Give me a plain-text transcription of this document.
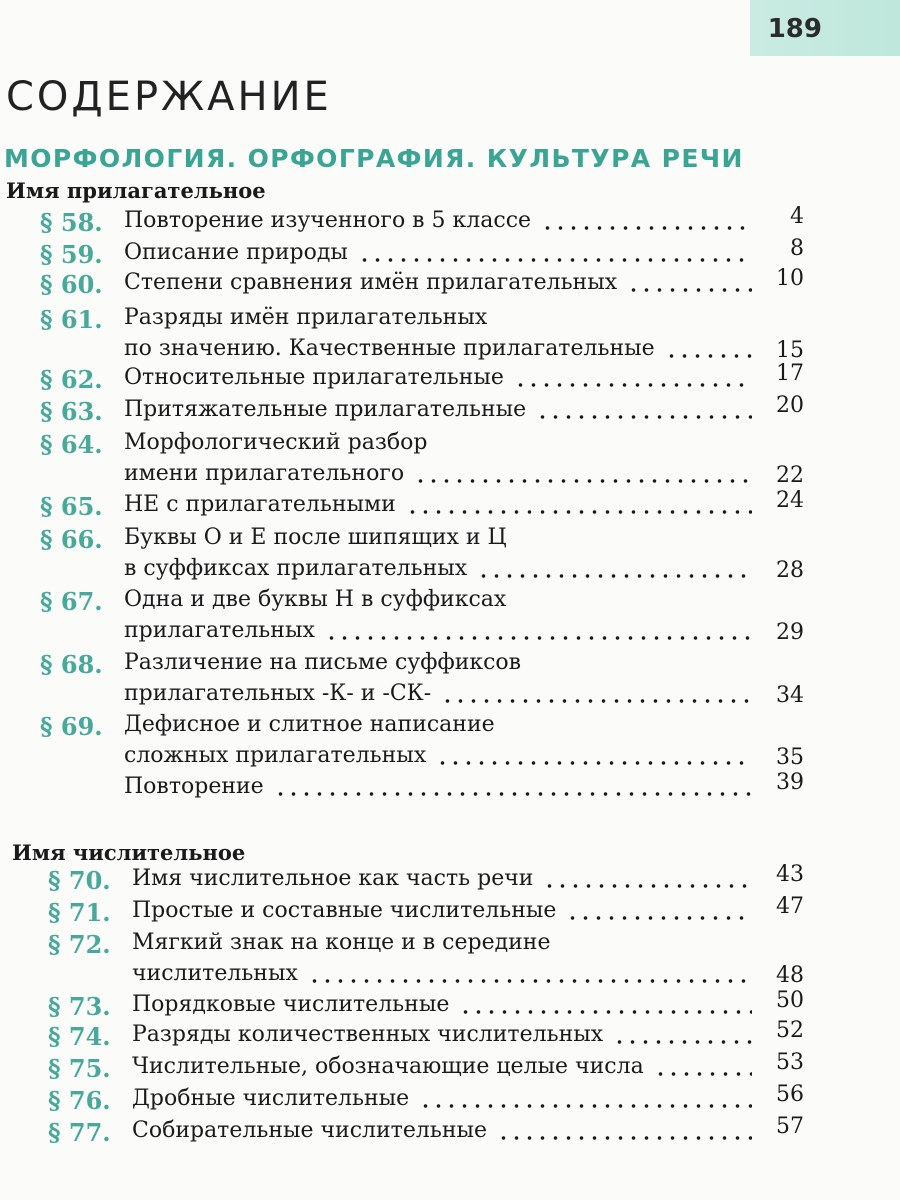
189
СОДЕРЖАНИЕ
МОРФОЛОГИЯ. ОРФОГРАФИЯ. КУЛЬТУРА РЕЧИ
Имя прилагательное
§ 58. Повторение изученного в 5 классе	4
§ 59. Описание природы	8
§ 60. Степени сравнения имён прилагательных	10
§ 61. Разряды имён прилагательных
по значению. Качественные прилагательные	15
§ 62. Относительные прилагательные	17
§ 63. Притяжательные прилагательные	20
§ 64. Морфологический разбор
имени прилагательного	22
§ 65. НЕ с прилагательными	24
§ 66. Буквы О и Е после шипящих и Ц
в суффиксах прилагательных	28
§ 67. Одна и две буквы Н в суффиксах
прилагательных	29
§ 68. Различение на письме суффиксов
прилагательных -К- и -СК-	34
§ 69. Дефисное и слитное написание
сложных прилагательных	35
Повторение	39
Имя числительное
§ 70. Имя числительное как часть речи	43
§ 71. Простые и составные числительные	47
§ 72. Мягкий знак на конце и в середине
числительных	48
§ 73. Порядковые числительные	50
§ 74. Разряды количественных числительных	52
§ 75. Числительные, обозначающие целые числа	53
§ 76. Дробные числительные	56
§ 77. Собирательные числительные	57
